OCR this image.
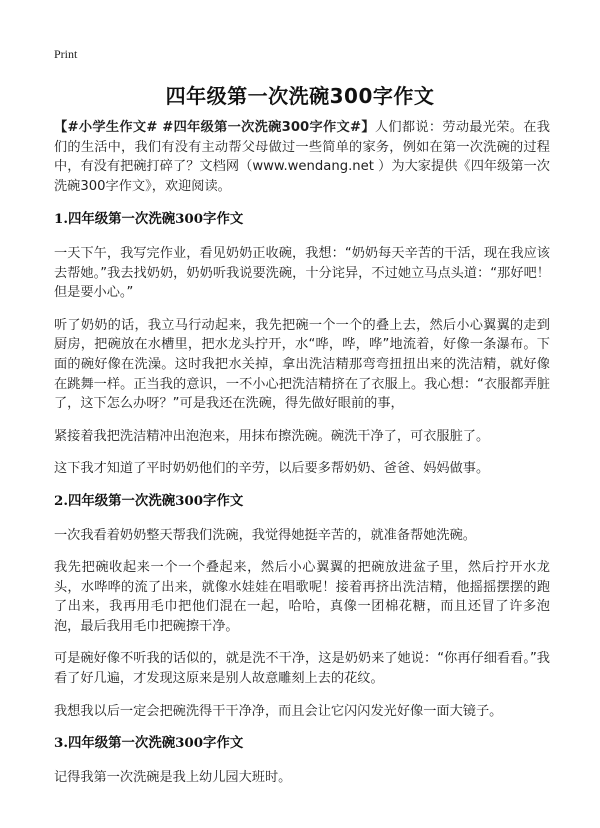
Print
四年级第一次洗碗300字作文

【#小学生作文# #四年级第一次洗碗300字作文#】人们都说：劳动最光荣。在我们的生活中，我们有没有主动帮父母做过一些简单的家务，例如在第一次洗碗的过程中，有没有把碗打碎了？文档网（www.wendang.net ）为大家提供《四年级第一次洗碗300字作文》，欢迎阅读。

1.四年级第一次洗碗300字作文

一天下午，我写完作业，看见奶奶正收碗，我想：“奶奶每天辛苦的干活，现在我应该去帮她。”我去找奶奶，奶奶听我说要洗碗，十分诧异，不过她立马点头道：“那好吧！但是要小心。”

听了奶奶的话，我立马行动起来，我先把碗一个一个的叠上去，然后小心翼翼的走到厨房，把碗放在水槽里，把水龙头拧开，水“哗，哗，哗”地流着，好像一条瀑布。下面的碗好像在洗澡。这时我把水关掉，拿出洗洁精那弯弯扭扭出来的洗洁精，就好像在跳舞一样。正当我的意识，一不小心把洗洁精挤在了衣服上。我心想：“衣服都弄脏了，这下怎么办呀？”可是我还在洗碗，得先做好眼前的事，

紧接着我把洗洁精冲出泡泡来，用抹布擦洗碗。碗洗干净了，可衣服脏了。

这下我才知道了平时奶奶他们的辛劳，以后要多帮奶奶、爸爸、妈妈做事。

2.四年级第一次洗碗300字作文

一次我看着奶奶整天帮我们洗碗，我觉得她挺辛苦的，就准备帮她洗碗。

我先把碗收起来一个一个叠起来，然后小心翼翼的把碗放进盆子里，然后拧开水龙头，水哗哗的流了出来，就像水娃娃在唱歌呢！接着再挤出洗洁精，他摇摇摆摆的跑了出来，我再用毛巾把他们混在一起，哈哈，真像一团棉花糖，而且还冒了许多泡泡，最后我用毛巾把碗擦干净。

可是碗好像不听我的话似的，就是洗不干净，这是奶奶来了她说：“你再仔细看看。”我看了好几遍，才发现这原来是别人故意雕刻上去的花纹。

我想我以后一定会把碗洗得干干净净，而且会让它闪闪发光好像一面大镜子。

3.四年级第一次洗碗300字作文

记得我第一次洗碗是我上幼儿园大班时。
